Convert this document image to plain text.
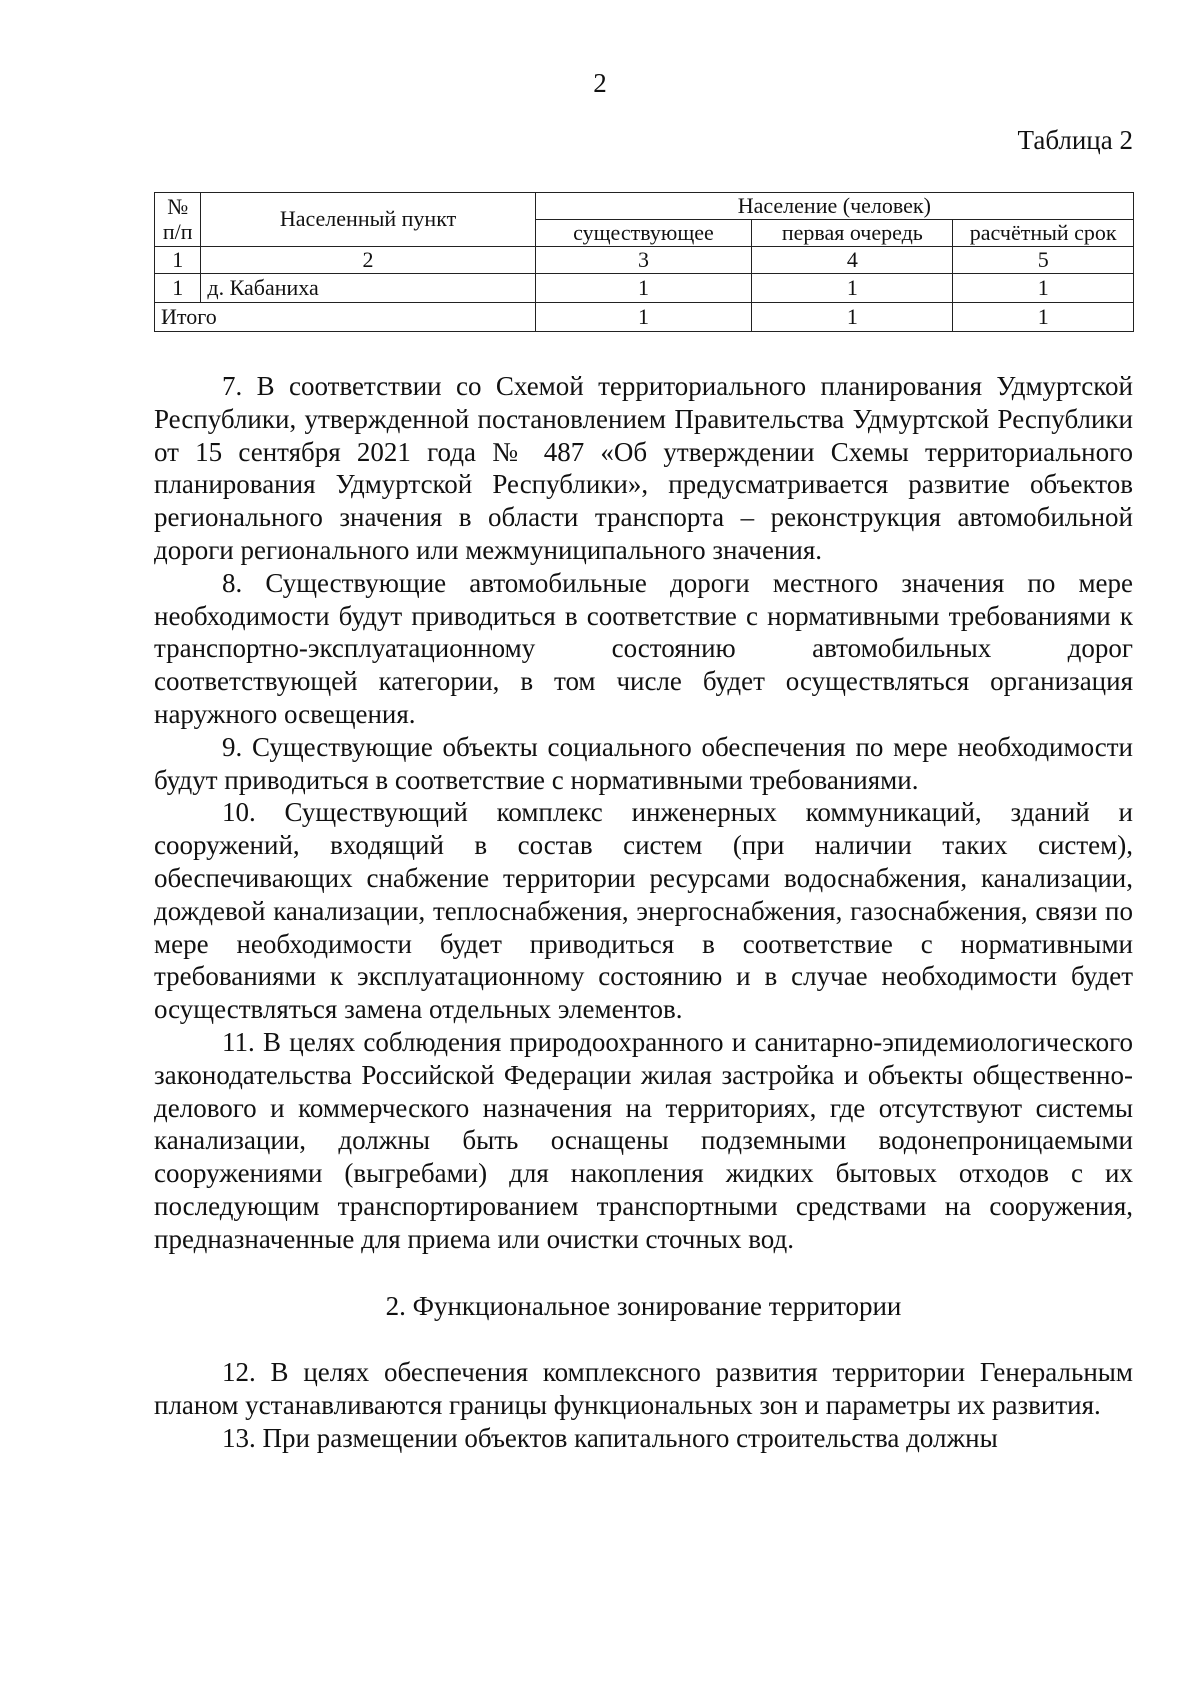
2
Таблица 2
№ п/п	Населенный пункт	Население (человек)		
		существующее	первая очередь	расчётный срок
1	2	3	4	5
1	д. Кабаниха	1	1	1
Итого		1	1	1

7. В соответствии со Схемой территориального планирования Удмуртской Республики, утвержденной постановлением Правительства Удмуртской Республики от 15 сентября 2021 года № 487 «Об утверждении Схемы территориального планирования Удмуртской Республики», предусматривается развитие объектов регионального значения в области транспорта – реконструкция автомобильной дороги регионального или межмуниципального значения.

8. Существующие автомобильные дороги местного значения по мере необходимости будут приводиться в соответствие с нормативными требованиями к транспортно-эксплуатационному состоянию автомобильных дорог соответствующей категории, в том числе будет осуществляться организация наружного освещения.

9. Существующие объекты социального обеспечения по мере необходимости будут приводиться в соответствие с нормативными требованиями.

10. Существующий комплекс инженерных коммуникаций, зданий и сооружений, входящий в состав систем (при наличии таких систем), обеспечивающих снабжение территории ресурсами водоснабжения, канализации, дождевой канализации, теплоснабжения, энергоснабжения, газоснабжения, связи по мере необходимости будет приводиться в соответствие с нормативными требованиями к эксплуатационному состоянию и в случае необходимости будет осуществляться замена отдельных элементов.

11. В целях соблюдения природоохранного и санитарно-эпидемиологического законодательства Российской Федерации жилая застройка и объекты общественно-делового и коммерческого назначения на территориях, где отсутствуют системы канализации, должны быть оснащены подземными водонепроницаемыми сооружениями (выгребами) для накопления жидких бытовых отходов с их последующим транспортированием транспортными средствами на сооружения, предназначенные для приема или очистки сточных вод.

2. Функциональное зонирование территории

12. В целях обеспечения комплексного развития территории Генеральным планом устанавливаются границы функциональных зон и параметры их развития.

13. При размещении объектов капитального строительства должны
